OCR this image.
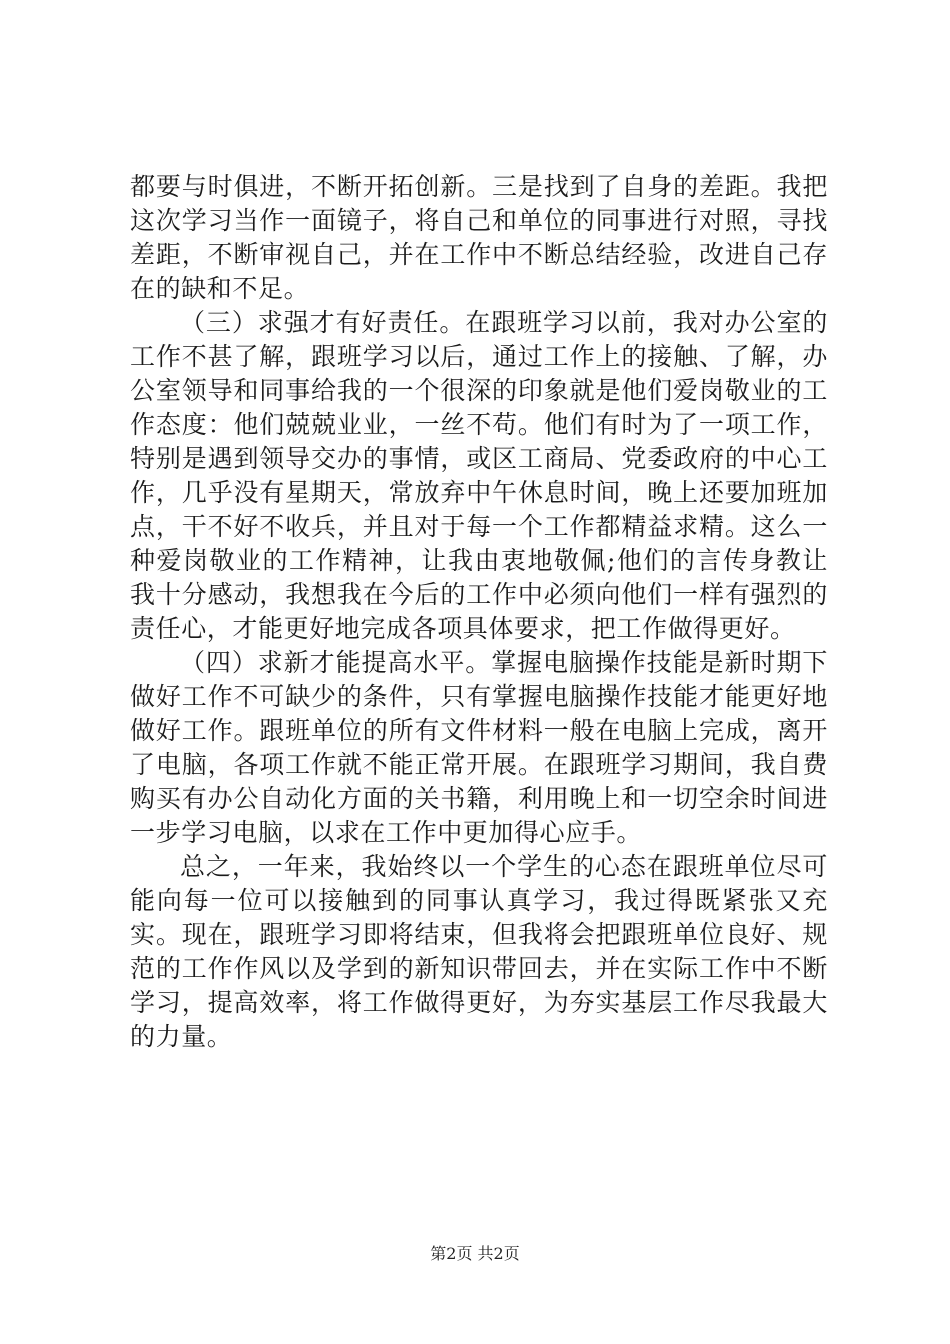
都要与时俱进，不断开拓创新。三是找到了自身的差距。我把这次学习当作一面镜子，将自己和单位的同事进行对照，寻找差距，不断审视自己，并在工作中不断总结经验，改进自己存在的缺和不足。

（三）求强才有好责任。在跟班学习以前，我对办公室的工作不甚了解，跟班学习以后，通过工作上的接触、了解，办公室领导和同事给我的一个很深的印象就是他们爱岗敬业的工作态度：他们兢兢业业，一丝不苟。他们有时为了一项工作，特别是遇到领导交办的事情，或区工商局、党委政府的中心工作，几乎没有星期天，常放弃中午休息时间，晚上还要加班加点，干不好不收兵，并且对于每一个工作都精益求精。这么一种爱岗敬业的工作精神，让我由衷地敬佩;他们的言传身教让我十分感动，我想我在今后的工作中必须向他们一样有强烈的责任心，才能更好地完成各项具体要求，把工作做得更好。

（四）求新才能提高水平。掌握电脑操作技能是新时期下做好工作不可缺少的条件，只有掌握电脑操作技能才能更好地做好工作。跟班单位的所有文件材料一般在电脑上完成，离开了电脑，各项工作就不能正常开展。在跟班学习期间，我自费购买有办公自动化方面的关书籍，利用晚上和一切空余时间进一步学习电脑，以求在工作中更加得心应手。

总之，一年来，我始终以一个学生的心态在跟班单位尽可能向每一位可以接触到的同事认真学习，我过得既紧张又充实。现在，跟班学习即将结束，但我将会把跟班单位良好、规范的工作作风以及学到的新知识带回去，并在实际工作中不断学习，提高效率，将工作做得更好，为夯实基层工作尽我最大的力量。

第2页 共2页
